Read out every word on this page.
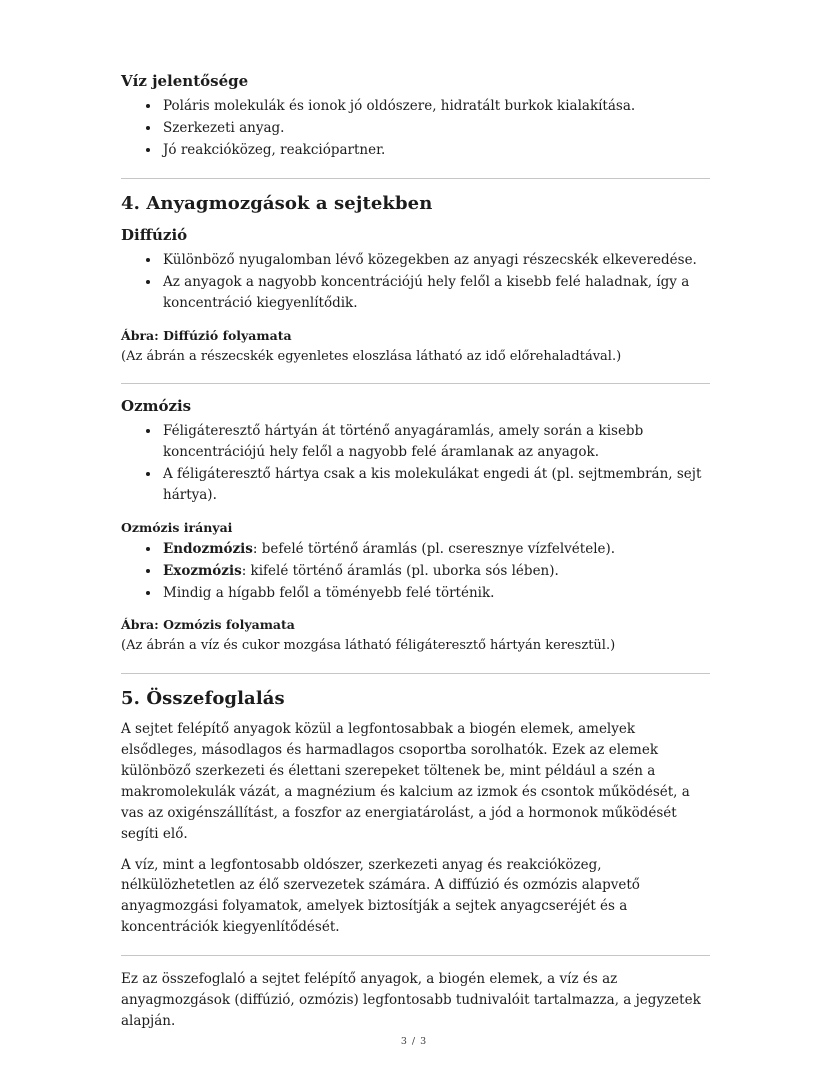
Víz jelentősége
• Poláris molekulák és ionok jó oldószere, hidratált burkok kialakítása.
• Szerkezeti anyag.
• Jó reakcióközeg, reakciópartner.
4. Anyagmozgások a sejtekben
Diffúzió
• Különböző nyugalomban lévő közegekben az anyagi részecskék elkeveredése.
• Az anyagok a nagyobb koncentrációjú hely felől a kisebb felé haladnak, így a koncentráció kiegyenlítődik.
Ábra: Diffúzió folyamata

(Az ábrán a részecskék egyenletes eloszlása látható az idő előrehaladtával.)

Ozmózis
• Féligáteresztő hártyán át történő anyagáramlás, amely során a kisebb koncentrációjú hely felől a nagyobb felé áramlanak az anyagok.
• A féligáteresztő hártya csak a kis molekulákat engedi át (pl. sejtmembrán, sejt hártya).
Ozmózis irányai
• Endozmózis: befelé történő áramlás (pl. cseresznye vízfelvétele).
• Exozmózis: kifelé történő áramlás (pl. uborka sós lében).
• Mindig a hígabb felől a töményebb felé történik.
Ábra: Ozmózis folyamata

(Az ábrán a víz és cukor mozgása látható féligáteresztő hártyán keresztül.)

5. Összefoglalás

A sejtet felépítő anyagok közül a legfontosabbak a biogén elemek, amelyek elsődleges, másodlagos és harmadlagos csoportba sorolhatók. Ezek az elemek különböző szerkezeti és élettani szerepeket töltenek be, mint például a szén a makromolekulák vázát, a magnézium és kalcium az izmok és csontok működését, a vas az oxigénszállítást, a foszfor az energiatárolást, a jód a hormonok működését segíti elő.

A víz, mint a legfontosabb oldószer, szerkezeti anyag és reakcióközeg, nélkülözhetetlen az élő szervezetek számára. A diffúzió és ozmózis alapvető anyagmozgási folyamatok, amelyek biztosítják a sejtek anyagcseréjét és a koncentrációk kiegyenlítődését.

Ez az összefoglaló a sejtet felépítő anyagok, a biogén elemek, a víz és az anyagmozgások (diffúzió, ozmózis) legfontosabb tudnivalóit tartalmazza, a jegyzetek alapján.

3 / 3
